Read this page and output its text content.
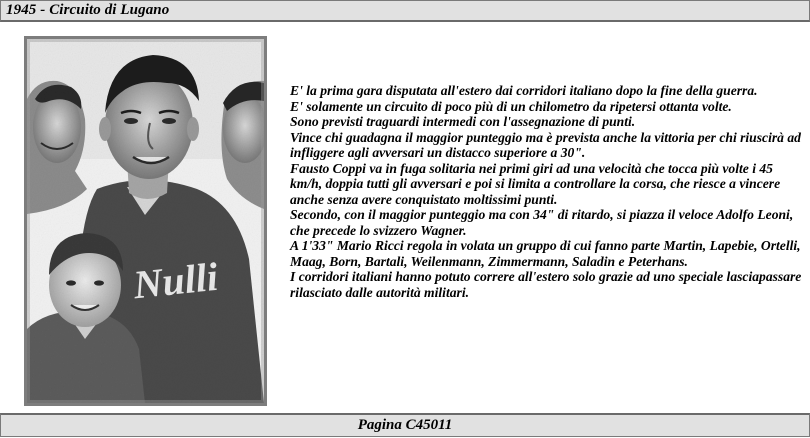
1945 - Circuito di Lugano
Nulli

E' la prima gara disputata all'estero dai corridori italiano dopo la fine della guerra.

E' solamente un circuito di poco più di un chilometro da ripetersi ottanta volte.

Sono previsti traguardi intermedi con l'assegnazione di punti.

Vince chi guadagna il maggior punteggio ma è prevista anche la vittoria per chi riuscirà ad infliggere agli avversari un distacco superiore a 30".

Fausto Coppi va in fuga solitaria nei primi giri ad una velocità che tocca più volte i 45 km/h, doppia tutti gli avversari e poi si limita a controllare la corsa, che riesce a vincere anche senza avere conquistato moltissimi punti.

Secondo, con il maggior punteggio ma con 34" di ritardo, si piazza il veloce Adolfo Leoni, che precede lo svizzero Wagner.

A 1'33" Mario Ricci regola in volata un gruppo di cui fanno parte Martin, Lapebie, Ortelli, Maag, Born, Bartali, Weilenmann, Zimmermann, Saladin e Peterhans.

I corridori italiani hanno potuto correre all'estero solo grazie ad uno speciale lasciapassare rilasciato dalle autorità militari.

Pagina C45011
